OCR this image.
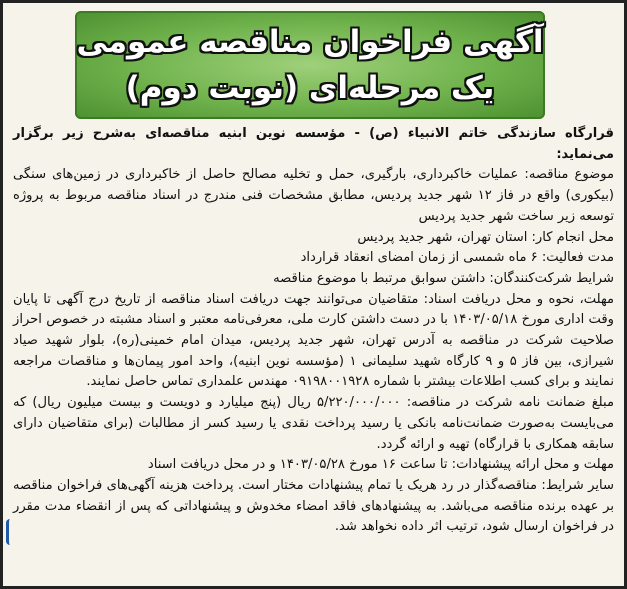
آگهی فراخوان مناقصه عمومی
یک مرحله‌ای (نوبت دوم)

قرارگاه سازندگی خاتم الانبیاء (ص) - مؤسسه نوین ابنیه مناقصه‌ای به‌شرح زیر برگزار می‌نماید:

موضوع مناقصه: عملیات خاکبرداری، بارگیری، حمل و تخلیه مصالح حاصل از خاکبرداری در زمین‌های سنگی (بیکوری) واقع در فاز ۱۲ شهر جدید پردیس، مطابق مشخصات فنی مندرج در اسناد مناقصه مربوط به پروژه توسعه زیر ساخت شهر جدید پردیس

محل انجام کار: استان تهران، شهر جدید پردیس

مدت فعالیت: ۶ ماه شمسی از زمان امضای انعقاد قرارداد

شرایط شرکت‌کنندگان: داشتن سوابق مرتبط با موضوع مناقصه

مهلت، نحوه و محل دریافت اسناد: متقاضیان می‌توانند جهت دریافت اسناد مناقصه از تاریخ درج آگهی تا پایان وقت اداری مورخ ۱۴۰۳/۰۵/۱۸ با در دست داشتن کارت ملی، معرفی‌نامه معتبر و اسناد مشبته در خصوص احراز صلاحیت شرکت در مناقصه به آدرس تهران، شهر جدید پردیس، میدان امام خمینی(ره)، بلوار شهید صیاد شیرازی، بین فاز ۵ و ۹ کارگاه شهید سلیمانی ۱ (مؤسسه نوین ابنیه)، واحد امور پیمان‌ها و مناقصات مراجعه نمایند و برای کسب اطلاعات بیشتر با شماره ۰۹۱۹۸۰۰۱۹۲۸ مهندس علمداری تماس حاصل نمایند.

مبلغ ضمانت نامه شرکت در مناقصه: ۵/۲۲۰/۰۰۰/۰۰۰ ریال (پنج میلیارد و دویست و بیست میلیون ریال) که می‌بایست به‌صورت ضمانت‌نامه بانکی یا رسید پرداخت نقدی یا رسید کسر از مطالبات (برای متقاضیان دارای سابقه همکاری با قرارگاه) تهیه و ارائه گردد.

مهلت و محل ارائه پیشنهادات: تا ساعت ۱۶ مورخ ۱۴۰۳/۰۵/۲۸ و در محل دریافت اسناد

سایر شرایط: مناقصه‌گذار در رد هریک یا تمام پیشنهادات مختار است. پرداخت هزینه آگهی‌های فراخوان مناقصه بر عهده برنده مناقصه می‌باشد. به پیشنهادهای فاقد امضاء مخدوش و پیشنهاداتی که پس از انقضاء مدت مقرر در فراخوان ارسال شود، ترتیب اثر داده نخواهد شد.
